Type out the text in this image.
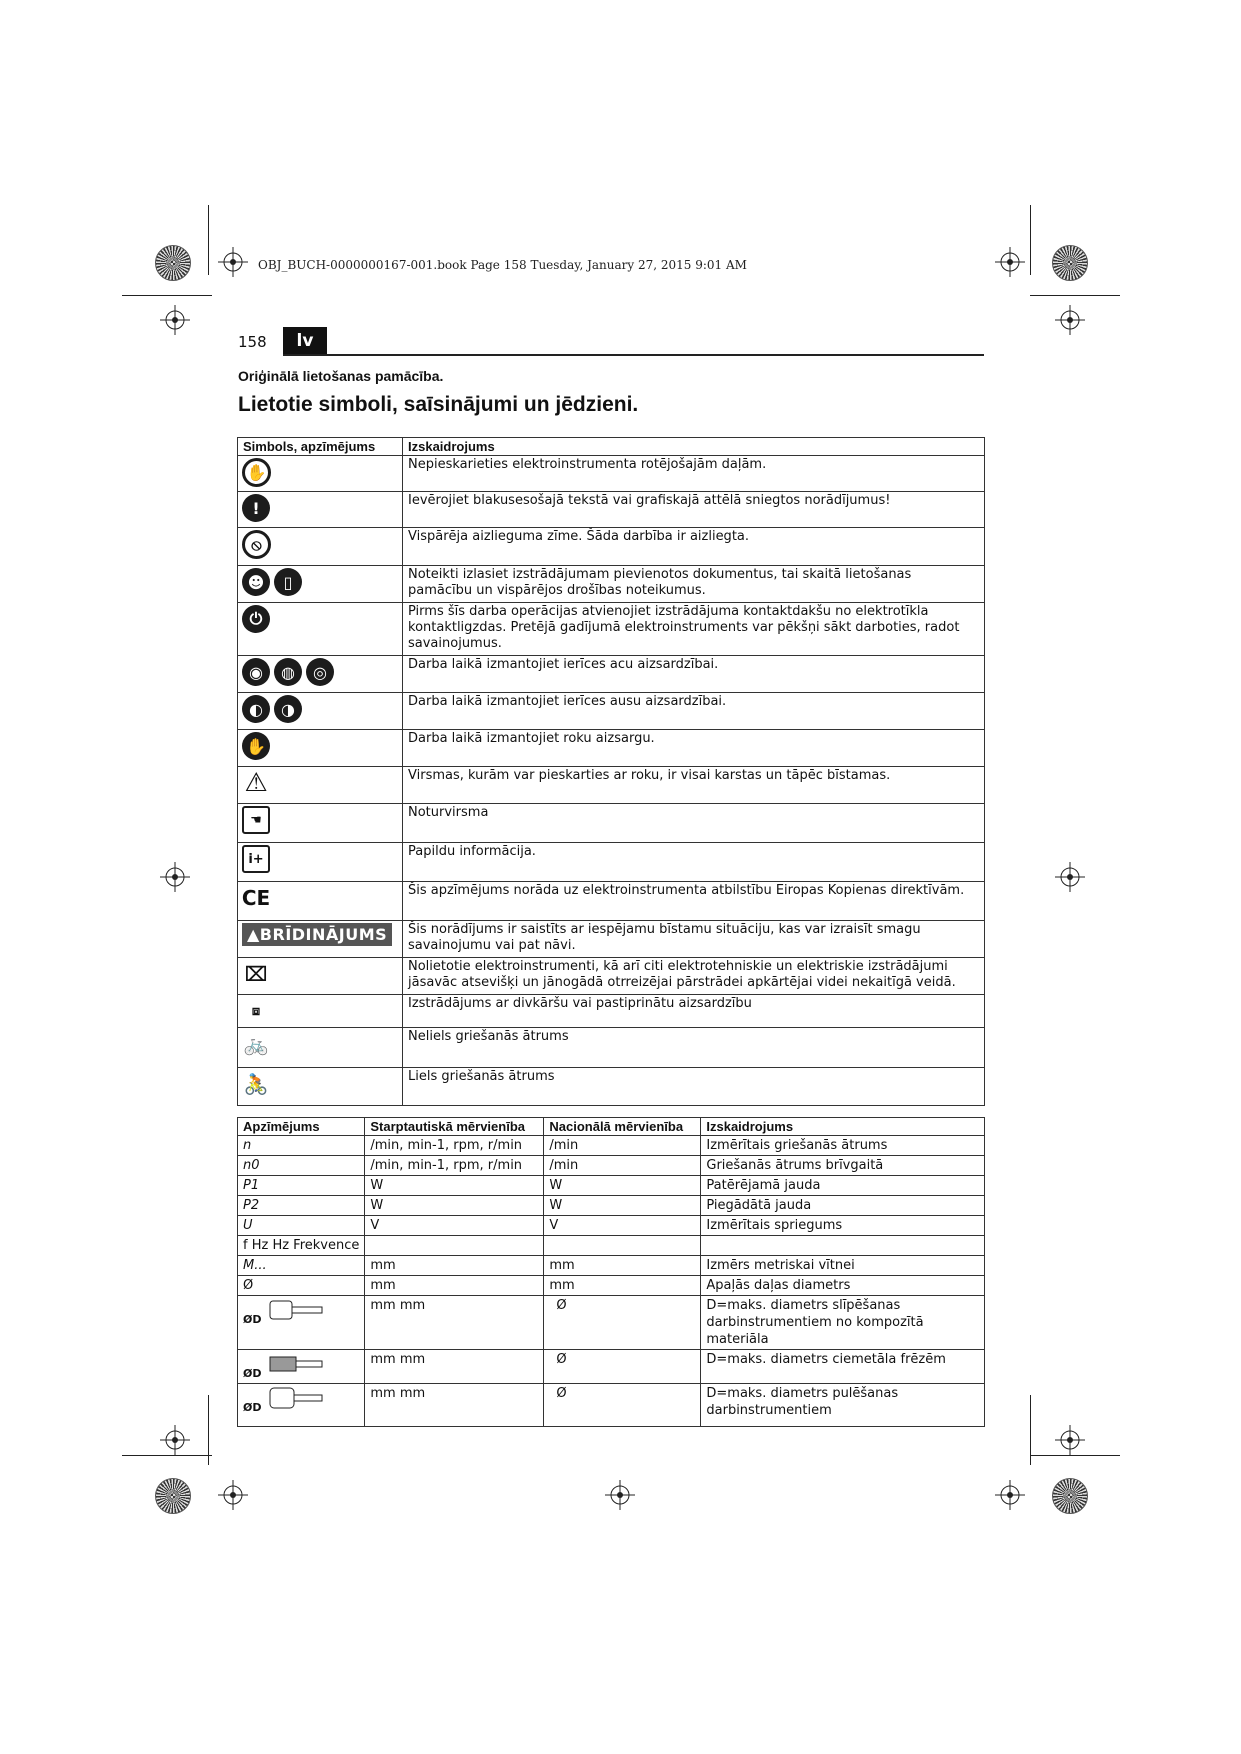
OBJ_BUCH-0000000167-001.book Page 158 Tuesday, January 27, 2015 9:01 AM
158	lv
Oriģinālā lietošanas pamācība.
Lietotie simboli, saīsinājumi un jēdzieni.
Simbols, apzīmējums	Izskaidrojums

✋	Nepieskarieties elektroinstrumenta rotējošajām daļām.

!	Ievērojiet blakusesošajā tekstā vai grafiskajā attēlā sniegtos norādījumus!

⦸	Vispārēja aizlieguma zīme. Šāda darbība ir aizliegta.

☻ ▯	Noteikti izlasiet izstrādājumam pievienotos dokumentus, tai skaitā lietošanas pamācību un vispārējos drošības noteikumus.

⏻	Pirms šīs darba operācijas atvienojiet izstrādājuma kontaktdakšu no elektrotīkla kontaktligzdas. Pretējā gadījumā elektroinstruments var pēkšņi sākt darboties, radot savainojumus.

◉ ◍ ◎	Darba laikā izmantojiet ierīces acu aizsardzībai.

◐ ◑	Darba laikā izmantojiet ierīces ausu aizsardzībai.

✋	Darba laikā izmantojiet roku aizsargu.

⚠	Virsmas, kurām var pieskarties ar roku, ir visai karstas un tāpēc bīstamas.

☚	Noturvirsma

i+	Papildu informācija.

CE	Šis apzīmējums norāda uz elektroinstrumenta atbilstību Eiropas Kopienas direktīvām.
▲BRĪDINĀJUMS	Šis norādījums ir saistīts ar iespējamu bīstamu situāciju, kas var izraisīt smagu savainojumu vai pat nāvi.

⌧	Nolietotie elektroinstrumenti, kā arī citi elektrotehniskie un elektriskie izstrādājumi jāsavāc atsevišķi un jānogādā otrreizējai pārstrādei apkārtējai videi nekaitīgā veidā.

⧈	Izstrādājums ar divkāršu vai pastiprinātu aizsardzību

🚲	Neliels griešanās ātrums

🚴	Liels griešanās ātrums
Apzīmējums	Starptautiskā mērvienība	Nacionālā mērvienība	Izskaidrojums
n	/min, min-1, rpm, r/min	/min	Izmērītais griešanās ātrums
n0	/min, min-1, rpm, r/min	/min	Griešanās ātrums brīvgaitā
P1	W	W	Patērējamā jauda
P2	W	W	Piegādātā jauda
U	V	V	Izmērītais spriegums
f Hz Hz Frekvence			
M...	mm	mm	Izmērs metriskai vītnei
Ø	mm	mm	Apaļās daļas diametrs
ØD	mm mm	Ø	D=maks. diametrs slīpēšanas darbinstrumentiem no kompozītā materiāla
ØD	mm mm	Ø	D=maks. diametrs ciemetāla frēzēm
ØD	mm mm	Ø	D=maks. diametrs pulēšanas darbinstrumentiem
